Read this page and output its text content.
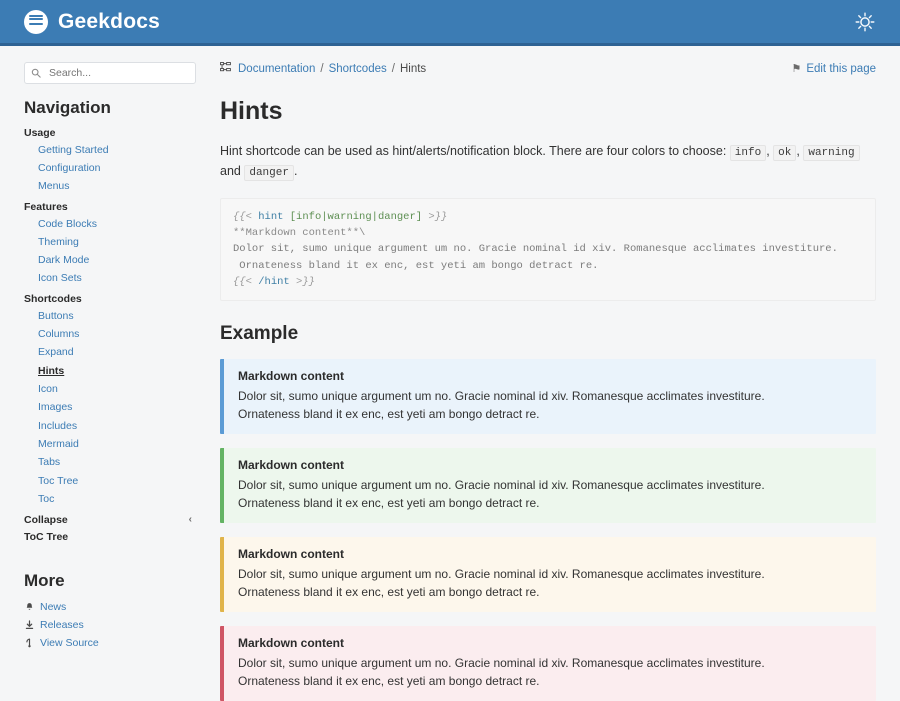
Geekdocs
Search...
Navigation
Usage
Getting Started
Configuration
Menus
Features
Code Blocks
Theming
Dark Mode
Icon Sets
Shortcodes
Buttons
Columns
Expand
Hints
Icon
Images
Includes
Mermaid
Tabs
Toc Tree
Toc
Collapse	‹
ToC Tree
More
News
Releases
View Source
Documentation / Shortcodes / Hints	⚑ Edit this page
Hints

Hint shortcode can be used as hint/alerts/notification block. There are four colors to choose: info , ok , warning and danger .

{{< hint [info|warning|danger] >}}
**Markdown content**\
Dolor sit, sumo unique argument um no. Gracie nominal id xiv. Romanesque acclimates investiture.
Ornateness bland it ex enc, est yeti am bongo detract re.
{{< /hint >}}
Example
Markdown content
Dolor sit, sumo unique argument um no. Gracie nominal id xiv. Romanesque acclimates investiture. Ornateness bland it ex enc, est yeti am bongo detract re.
Markdown content
Dolor sit, sumo unique argument um no. Gracie nominal id xiv. Romanesque acclimates investiture. Ornateness bland it ex enc, est yeti am bongo detract re.
Markdown content
Dolor sit, sumo unique argument um no. Gracie nominal id xiv. Romanesque acclimates investiture. Ornateness bland it ex enc, est yeti am bongo detract re.
Markdown content
Dolor sit, sumo unique argument um no. Gracie nominal id xiv. Romanesque acclimates investiture. Ornateness bland it ex enc, est yeti am bongo detract re.
